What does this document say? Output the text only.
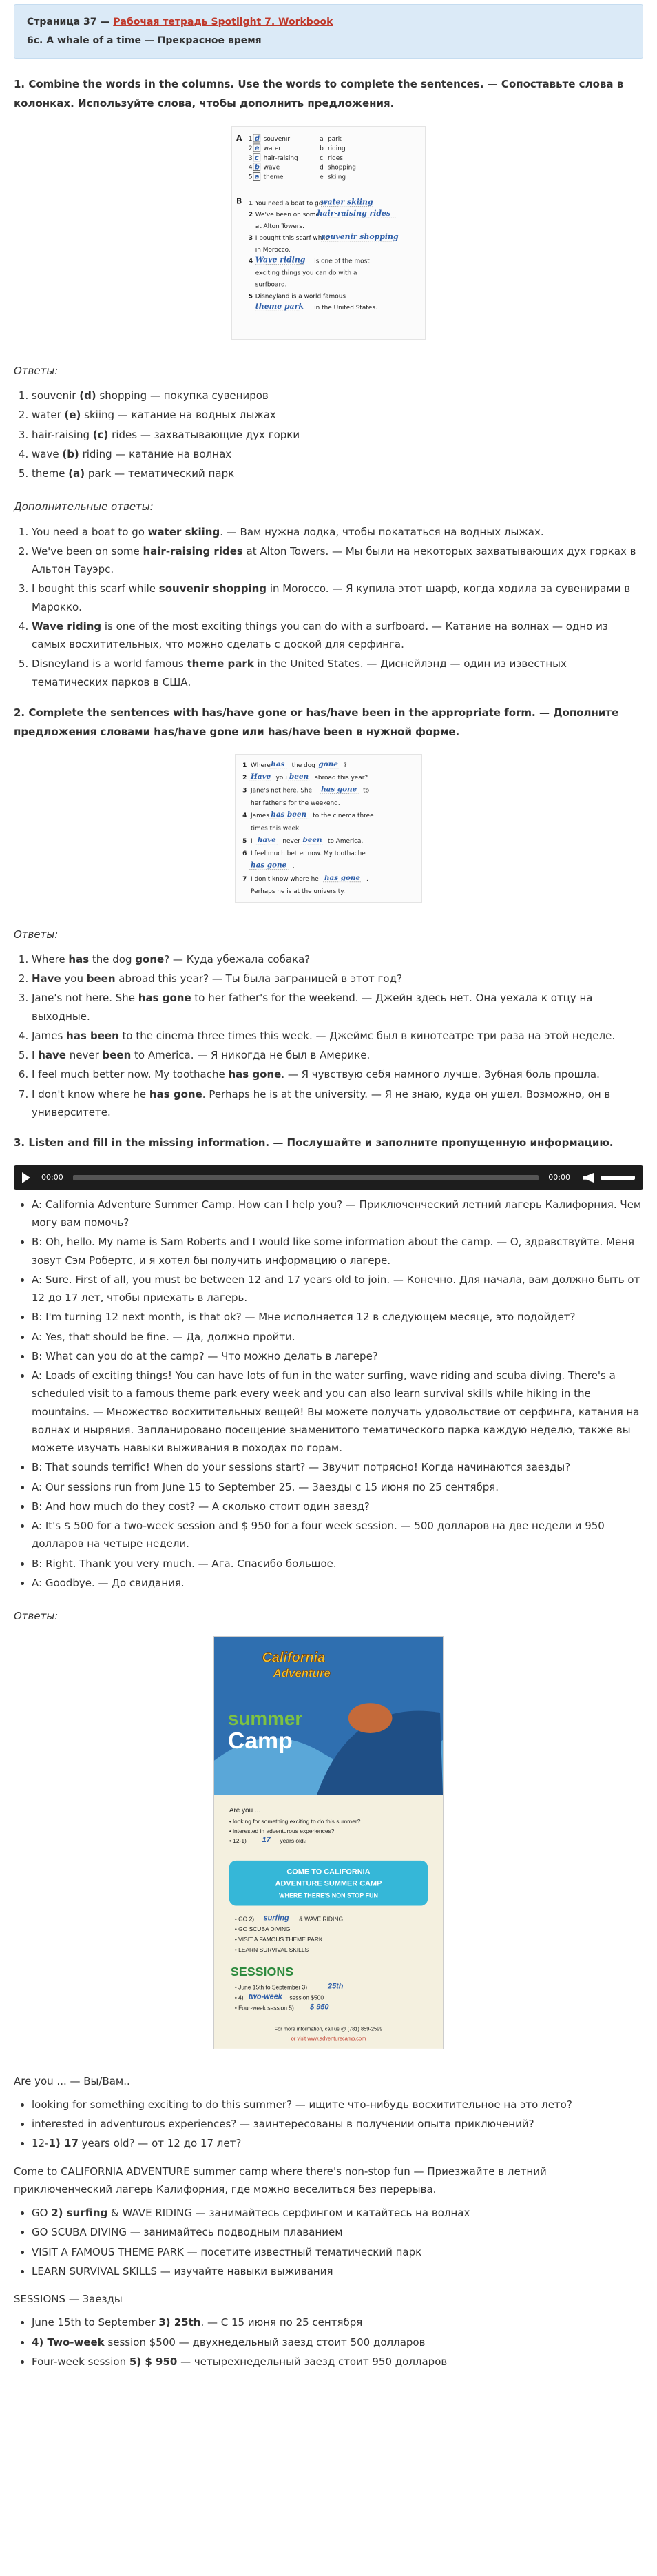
Страница 37 — Рабочая тетрадь Spotlight 7. Workbook
6c. A whale of a time — Прекрасное время
1. Combine the words in the columns. Use the words to complete the sentences. — Сопоставьте слова в колонках. Используйте слова, чтобы дополнить предложения.
A 1 d souvenir
2 e water
3 c hair-raising
4 b wave
5 a theme
a park
b riding
c rides
d shopping
e skiing
B 1 You need a boat to go
water skiing
2 We've been on some
hair-raising rides
at Alton Towers.
3 I bought this scarf while
souvenir shopping
in Morocco.
4 Wave riding is one of the most
exciting things you can do with a
surfboard.
5 Disneyland is a world famous
theme park in the United States.
Ответы:
1. souvenir (d) shopping — покупка сувениров
2. water (e) skiing — катание на водных лыжах
3. hair-raising (c) rides — захватывающие дух горки
4. wave (b) riding — катание на волнах
5. theme (a) park — тематический парк
Дополнительные ответы:
1. You need a boat to go water skiing. — Вам нужна лодка, чтобы покататься на водных лыжах.
2. We've been on some hair-raising rides at Alton Towers. — Мы были на некоторых захватывающих дух горках в Альтон Тауэрс.
3. I bought this scarf while souvenir shopping in Morocco. — Я купила этот шарф, когда ходила за сувенирами в Марокко.
4. Wave riding is one of the most exciting things you can do with a surfboard. — Катание на волнах — одно из самых восхитительных, что можно сделать с доской для серфинга.
5. Disneyland is a world famous theme park in the United States. — Диснейлэнд — один из известных тематических парков в США.
2. Complete the sentences with has/have gone or has/have been in the appropriate form. — Дополните предложения словами has/have gone или has/have been в нужной форме.
1 Where has the dog gone ?
2 Have you been abroad this year?
3 Jane's not here. She has gone to
her father's for the weekend.
4 James has been to the cinema three
times this week.
5 I have never been to America.
6 I feel much better now. My toothache
has gone .
7 I don't know where he has gone .
Perhaps he is at the university.
Ответы:
1. Where has the dog gone? — Куда убежала собака?
2. Have you been abroad this year? — Ты была заграницей в этот год?
3. Jane's not here. She has gone to her father's for the weekend. — Джейн здесь нет. Она уехала к отцу на выходные.
4. James has been to the cinema three times this week. — Джеймс был в кинотеатре три раза на этой неделе.
5. I have never been to America. — Я никогда не был в Америке.
6. I feel much better now. My toothache has gone. — Я чувствую себя намного лучше. Зубная боль прошла.
7. I don't know where he has gone. Perhaps he is at the university. — Я не знаю, куда он ушел. Возможно, он в университете.
3. Listen and fill in the missing information. — Послушайте и заполните пропущенную информацию.
00:00	00:00
• A: California Adventure Summer Camp. How can I help you? — Приключенческий летний лагерь Калифорния. Чем могу вам помочь?
• B: Oh, hello. My name is Sam Roberts and I would like some information about the camp. — О, здравствуйте. Меня зовут Сэм Робертс, и я хотел бы получить информацию о лагере.
• A: Sure. First of all, you must be between 12 and 17 years old to join. — Конечно. Для начала, вам должно быть от 12 до 17 лет, чтобы приехать в лагерь.
• B: I'm turning 12 next month, is that ok? — Мне исполняется 12 в следующем месяце, это подойдет?
• A: Yes, that should be fine. — Да, должно пройти.
• B: What can you do at the camp? — Что можно делать в лагере?
• A: Loads of exciting things! You can have lots of fun in the water surfing, wave riding and scuba diving. There's a scheduled visit to a famous theme park every week and you can also learn survival skills while hiking in the mountains. — Множество восхитительных вещей! Вы можете получать удовольствие от серфинга, катания на волнах и ныряния. Запланировано посещение знаменитого тематического парка каждую неделю, также вы можете изучать навыки выживания в походах по горам.
• B: That sounds terrific! When do your sessions start? — Звучит потрясно! Когда начинаются заезды?
• A: Our sessions run from June 15 to September 25. — Заезды с 15 июня по 25 сентября.
• B: And how much do they cost? — А сколько стоит один заезд?
• A: It's $ 500 for a two-week session and $ 950 for a four week session. — 500 долларов на две недели и 950 долларов на четыре недели.
• B: Right. Thank you very much. — Ага. Спасибо большое.
• A: Goodbye. — До свидания.
Ответы:
California
Adventure
summer
Camp
Are you ...
• looking for something exciting to do this summer?
• interested in adventurous experiences?
• 12-1) 17 years old?
COME TO CALIFORNIA
ADVENTURE SUMMER CAMP
WHERE THERE'S NON STOP FUN
• GO 2) surfing & WAVE RIDING
• GO SCUBA DIVING
• VISIT A FAMOUS THEME PARK
• LEARN SURVIVAL SKILLS
SESSIONS
• June 15th to September 3)	25th
• 4) two-week session $500
• Four-week session 5) $ 950
For more information, call us @ (781) 859-2599
or visit www.adventurecamp.com

Are you ... — Вы/Вам..

• looking for something exciting to do this summer? — ищите что-нибудь восхитительное на это лето?
• interested in adventurous experiences? — заинтересованы в получении опыта приключений?
• 12-1) 17 years old? — от 12 до 17 лет?

Come to CALIFORNIA ADVENTURE summer camp where there's non-stop fun — Приезжайте в летний приключенческий лагерь Калифорния, где можно веселиться без перерыва.

• GO 2) surfing & WAVE RIDING — занимайтесь серфингом и катайтесь на волнах
• GO SCUBA DIVING — занимайтесь подводным плаванием
• VISIT A FAMOUS THEME PARK — посетите известный тематический парк
• LEARN SURVIVAL SKILLS — изучайте навыки выживания

SESSIONS — Заезды

• June 15th to September 3) 25th. — С 15 июня по 25 сентября
• 4) Two-week session $500 — двухнедельный заезд стоит 500 долларов
• Four-week session 5) $ 950 — четырехнедельный заезд стоит 950 долларов
